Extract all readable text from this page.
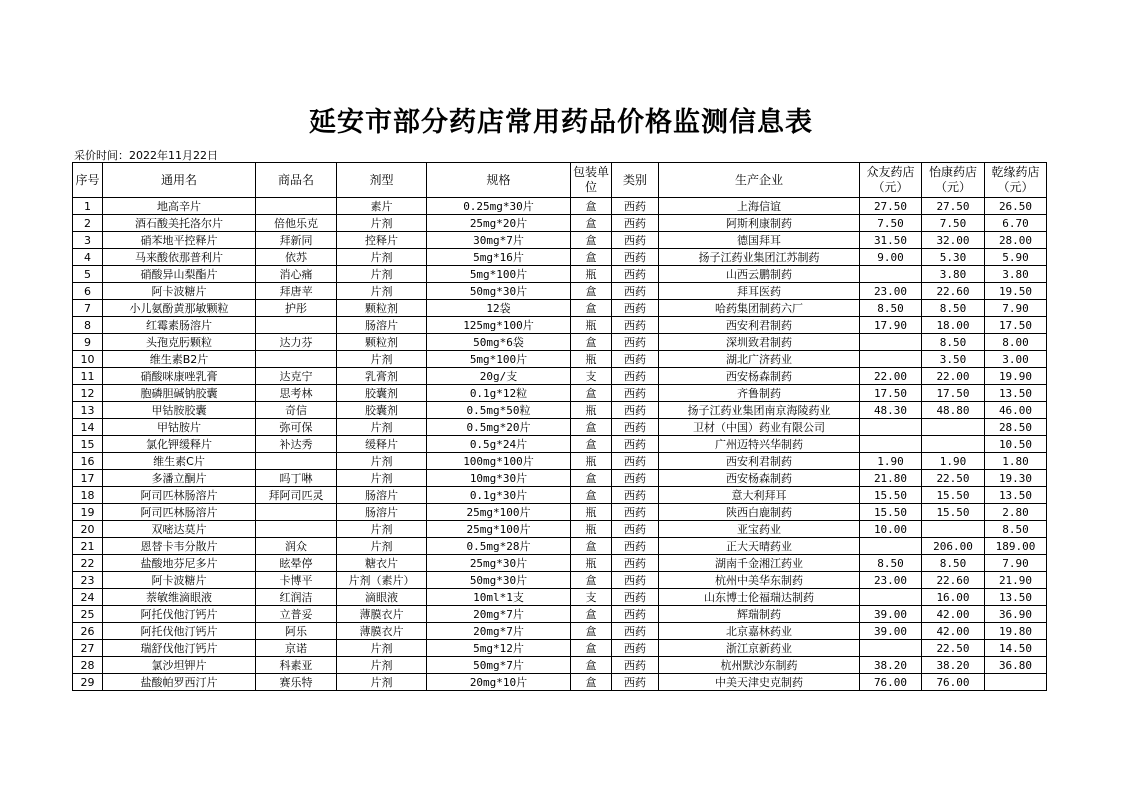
延安市部分药店常用药品价格监测信息表
采价时间：2022年11月22日
序号	通用名	商品名	剂型	规格	包装单位	类别	生产企业	众友药店（元）	怡康药店（元）	乾缘药店（元）
1	地高辛片		素片	0.25mg*30片	盒	西药	上海信谊	27.50	27.50	26.50
2	酒石酸美托洛尔片	倍他乐克	片剂	25mg*20片	盒	西药	阿斯利康制药	7.50	7.50	6.70
3	硝苯地平控释片	拜新同	控释片	30mg*7片	盒	西药	德国拜耳	31.50	32.00	28.00
4	马来酸依那普利片	依苏	片剂	5mg*16片	盒	西药	扬子江药业集团江苏制药	9.00	5.30	5.90
5	硝酸异山梨酯片	消心痛	片剂	5mg*100片	瓶	西药	山西云鹏制药		3.80	3.80
6	阿卡波糖片	拜唐苹	片剂	50mg*30片	盒	西药	拜耳医药	23.00	22.60	19.50
7	小儿氨酚黄那敏颗粒	护彤	颗粒剂	12袋	盒	西药	哈药集团制药六厂	8.50	8.50	7.90
8	红霉素肠溶片		肠溶片	125mg*100片	瓶	西药	西安利君制药	17.90	18.00	17.50
9	头孢克肟颗粒	达力芬	颗粒剂	50mg*6袋	盒	西药	深圳致君制药		8.50	8.00
10	维生素B2片		片剂	5mg*100片	瓶	西药	湖北广济药业		3.50	3.00
11	硝酸咪康唑乳膏	达克宁	乳膏剂	20g/支	支	西药	西安杨森制药	22.00	22.00	19.90
12	胞磷胆碱钠胶囊	思考林	胶囊剂	0.1g*12粒	盒	西药	齐鲁制药	17.50	17.50	13.50
13	甲钴胺胶囊	奇信	胶囊剂	0.5mg*50粒	瓶	西药	扬子江药业集团南京海陵药业	48.30	48.80	46.00
14	甲钴胺片	弥可保	片剂	0.5mg*20片	盒	西药	卫材（中国）药业有限公司			28.50
15	氯化钾缓释片	补达秀	缓释片	0.5g*24片	盒	西药	广州迈特兴华制药			10.50
16	维生素C片		片剂	100mg*100片	瓶	西药	西安利君制药	1.90	1.90	1.80
17	多潘立酮片	吗丁啉	片剂	10mg*30片	盒	西药	西安杨森制药	21.80	22.50	19.30
18	阿司匹林肠溶片	拜阿司匹灵	肠溶片	0.1g*30片	盒	西药	意大利拜耳	15.50	15.50	13.50
19	阿司匹林肠溶片		肠溶片	25mg*100片	瓶	西药	陕西白鹿制药	15.50	15.50	2.80
20	双嘧达莫片		片剂	25mg*100片	瓶	西药	亚宝药业	10.00		8.50
21	恩替卡韦分散片	润众	片剂	0.5mg*28片	盒	西药	正大天晴药业		206.00	189.00
22	盐酸地芬尼多片	眩晕停	糖衣片	25mg*30片	瓶	西药	湖南千金湘江药业	8.50	8.50	7.90
23	阿卡波糖片	卡博平	片剂（素片）	50mg*30片	盒	西药	杭州中美华东制药	23.00	22.60	21.90
24	萘敏维滴眼液	红润洁	滴眼液	10ml*1支	支	西药	山东博士伦福瑞达制药		16.00	13.50
25	阿托伐他汀钙片	立普妥	薄膜衣片	20mg*7片	盒	西药	辉瑞制药	39.00	42.00	36.90
26	阿托伐他汀钙片	阿乐	薄膜衣片	20mg*7片	盒	西药	北京嘉林药业	39.00	42.00	19.80
27	瑞舒伐他汀钙片	京诺	片剂	5mg*12片	盒	西药	浙江京新药业		22.50	14.50
28	氯沙坦钾片	科素亚	片剂	50mg*7片	盒	西药	杭州默沙东制药	38.20	38.20	36.80
29	盐酸帕罗西汀片	赛乐特	片剂	20mg*10片	盒	西药	中美天津史克制药	76.00	76.00	
